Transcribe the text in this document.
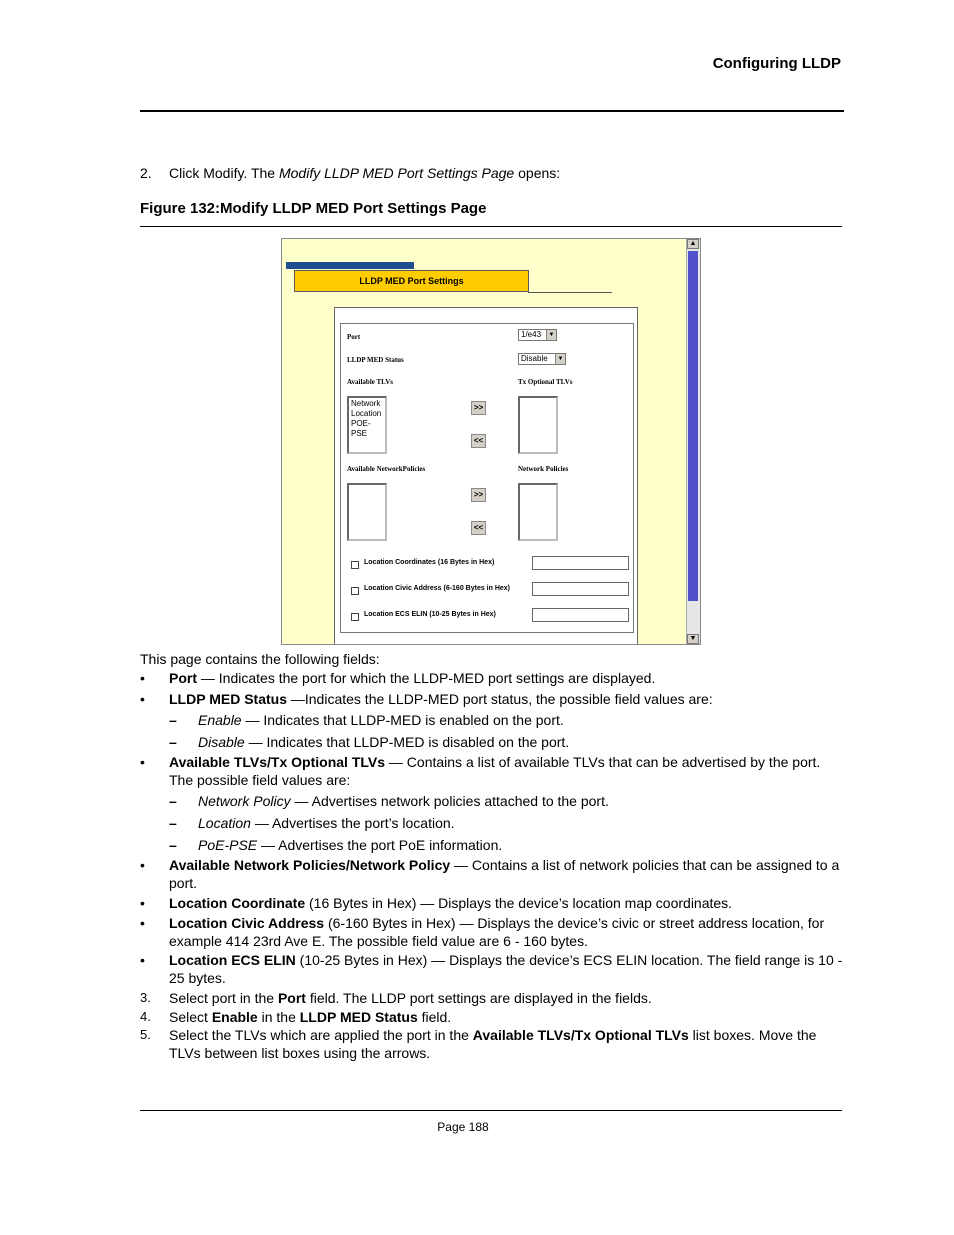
Configuring LLDP
2. Click Modify. The Modify LLDP MED Port Settings Page opens:
Figure 132:Modify LLDP MED Port Settings Page
LLDP MED Port Settings
▲
▼
Port	1/e43	▼
LLDP MED Status	Disable	▼
Available TLVs	Tx Optional TLVs
Network
Location
POE-PSE
>>
<<
Available NetworkPolicies	Network Policies
>>
<<
Location Coordinates (16 Bytes in Hex)
Location Civic Address (6-160 Bytes in Hex)
Location ECS ELIN (10-25 Bytes in Hex)
This page contains the following fields:
• Port — Indicates the port for which the LLDP-MED port settings are displayed.
• LLDP MED Status —Indicates the LLDP-MED port status, the possible field values are:
– Enable — Indicates that LLDP-MED is enabled on the port.
– Disable — Indicates that LLDP-MED is disabled on the port.
• Available TLVs/Tx Optional TLVs — Contains a list of available TLVs that can be advertised by the port. The possible field values are:
– Network Policy — Advertises network policies attached to the port.
– Location — Advertises the port’s location.
– PoE-PSE — Advertises the port PoE information.
• Available Network Policies/Network Policy — Contains a list of network policies that can be assigned to a port.
• Location Coordinate (16 Bytes in Hex) — Displays the device’s location map coordinates.
• Location Civic Address (6-160 Bytes in Hex) — Displays the device’s civic or street address location, for example 414 23rd Ave E. The possible field value are 6 - 160 bytes.
• Location ECS ELIN (10-25 Bytes in Hex) — Displays the device’s ECS ELIN location. The field range is 10 - 25 bytes.
3. Select port in the Port field. The LLDP port settings are displayed in the fields.
4. Select Enable in the LLDP MED Status field.
5. Select the TLVs which are applied the port in the Available TLVs/Tx Optional TLVs list boxes. Move the TLVs between list boxes using the arrows.
Page 188
